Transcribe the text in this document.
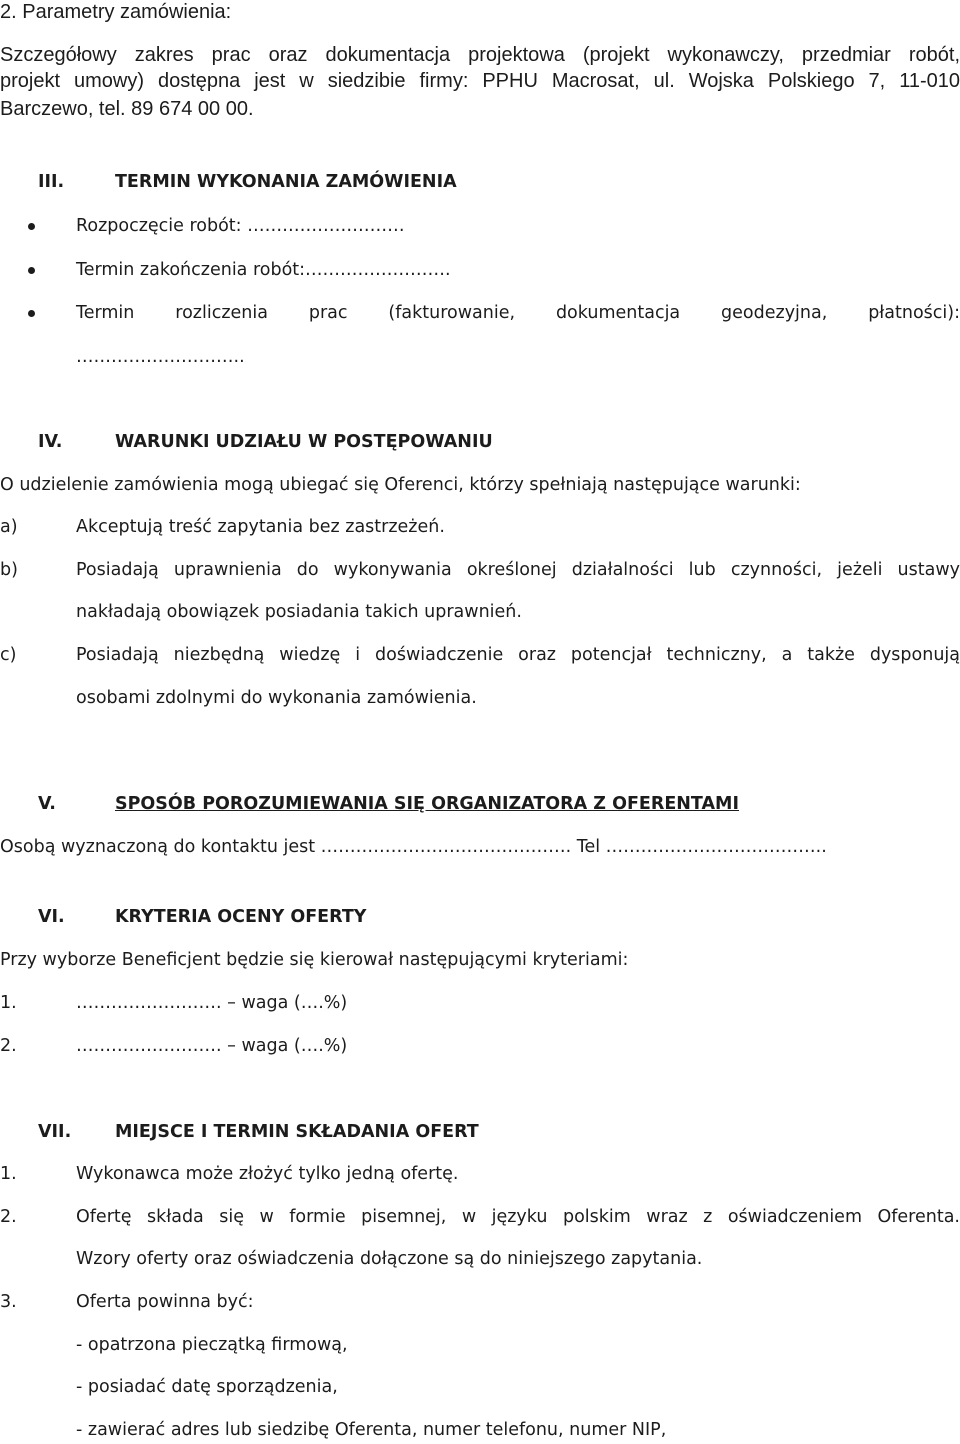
2. Parametry zamówienia:
Szczegółowy zakres prac oraz dokumentacja projektowa (projekt wykonawczy, przedmiar robót,
projekt umowy) dostępna jest w siedzibie firmy: PPHU Macrosat, ul. Wojska Polskiego 7, 11-010
Barczewo, tel. 89 674 00 00.
III.	TERMIN WYKONANIA ZAMÓWIENIA
Rozpoczęcie robót: ………………………
Termin zakończenia robót:…………………….
Termin rozliczenia prac (fakturowanie, dokumentacja geodezyjna, płatności):
………………………..
IV.	WARUNKI UDZIAŁU W POSTĘPOWANIU
O udzielenie zamówienia mogą ubiegać się Oferenci, którzy spełniają następujące warunki:
a)	Akceptują treść zapytania bez zastrzeżeń.
b)	Posiadają uprawnienia do wykonywania określonej działalności lub czynności, jeżeli ustawy
nakładają obowiązek posiadania takich uprawnień.
c)	Posiadają niezbędną wiedzę i doświadczenie oraz potencjał techniczny, a także dysponują
osobami zdolnymi do wykonania zamówienia.
V.	SPOSÓB POROZUMIEWANIA SIĘ ORGANIZATORA Z OFERENTAMI
Osobą wyznaczoną do kontaktu jest ……………………………………. Tel ………………………………..
VI.	KRYTERIA OCENY OFERTY
Przy wyborze Beneficjent będzie się kierował następującymi kryteriami:
1.	……………………. – waga (….%)
2.	……………………. – waga (….%)
VII.	MIEJSCE I TERMIN SKŁADANIA OFERT
1.	Wykonawca może złożyć tylko jedną ofertę.
2.	Ofertę składa się w formie pisemnej, w języku polskim wraz z oświadczeniem Oferenta.
Wzory oferty oraz oświadczenia dołączone są do niniejszego zapytania.
3.	Oferta powinna być:
- opatrzona pieczątką firmową,
- posiadać datę sporządzenia,
- zawierać adres lub siedzibę Oferenta, numer telefonu, numer NIP,
